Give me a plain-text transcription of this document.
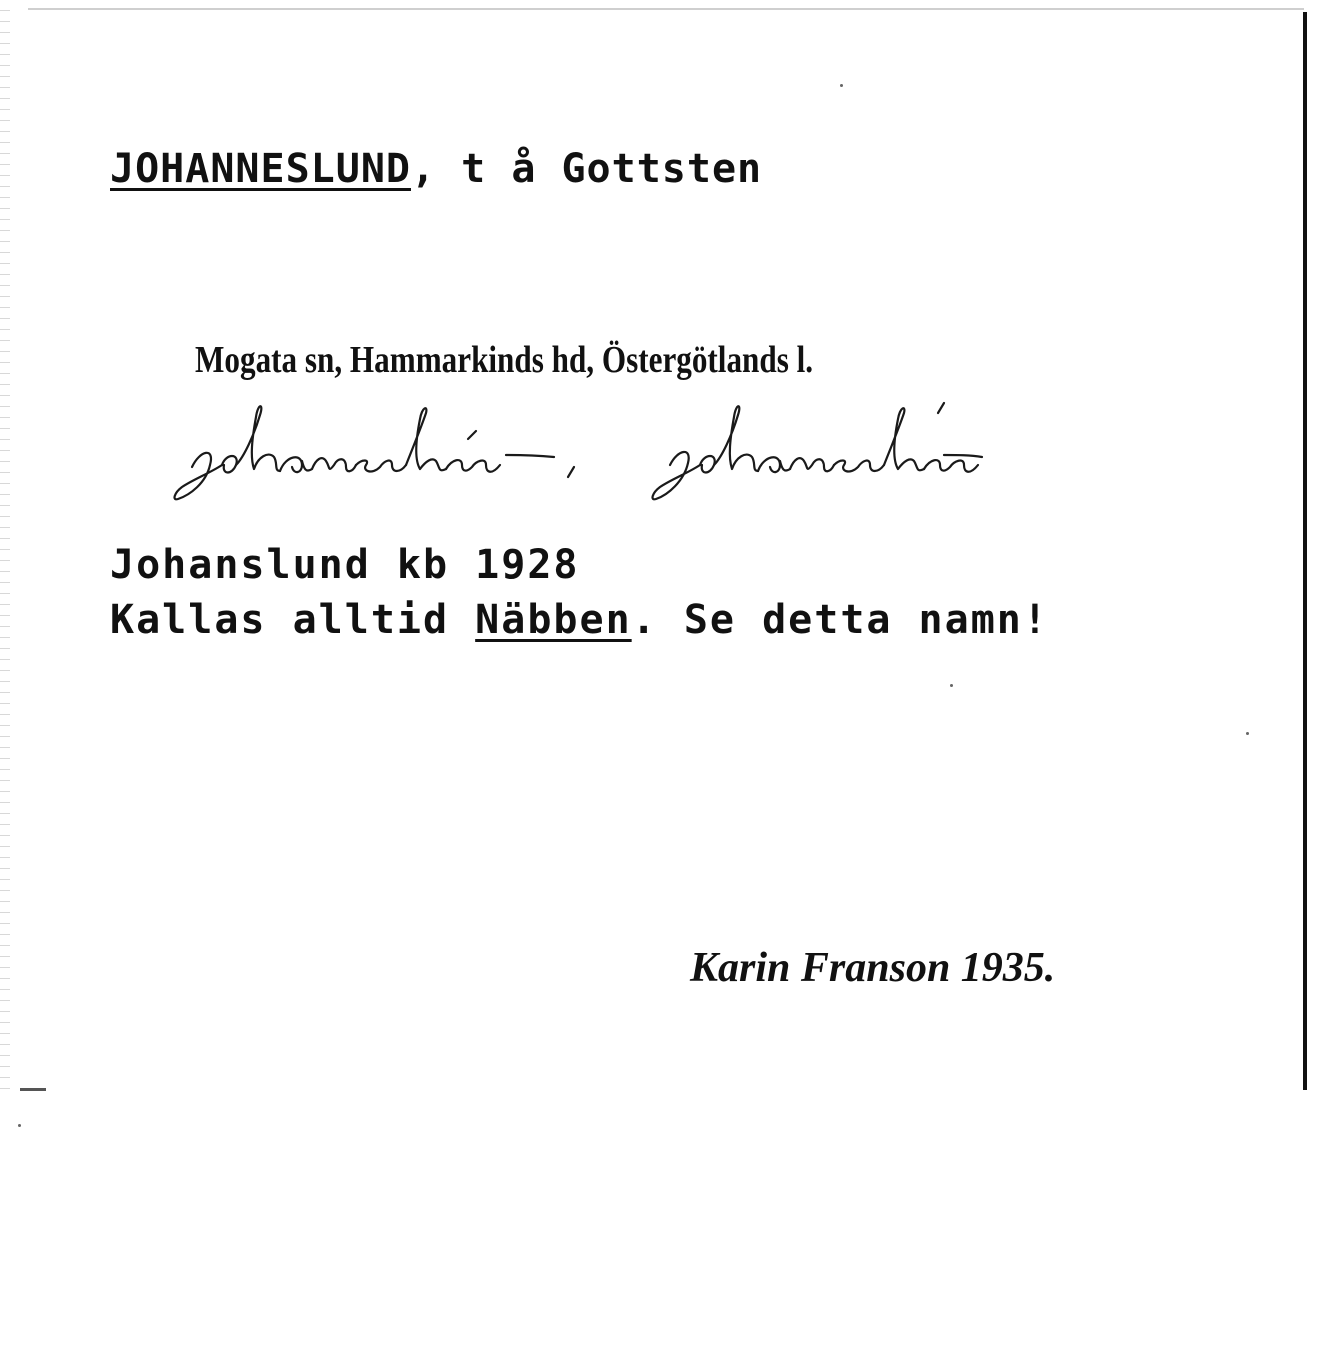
JOHANNESLUND, t å Gottsten
Mogata sn, Hammarkinds hd, Östergötlands l.
Johanslund kb 1928
Kallas alltid Näbben. Se detta namn!
Karin Franson 1935.
